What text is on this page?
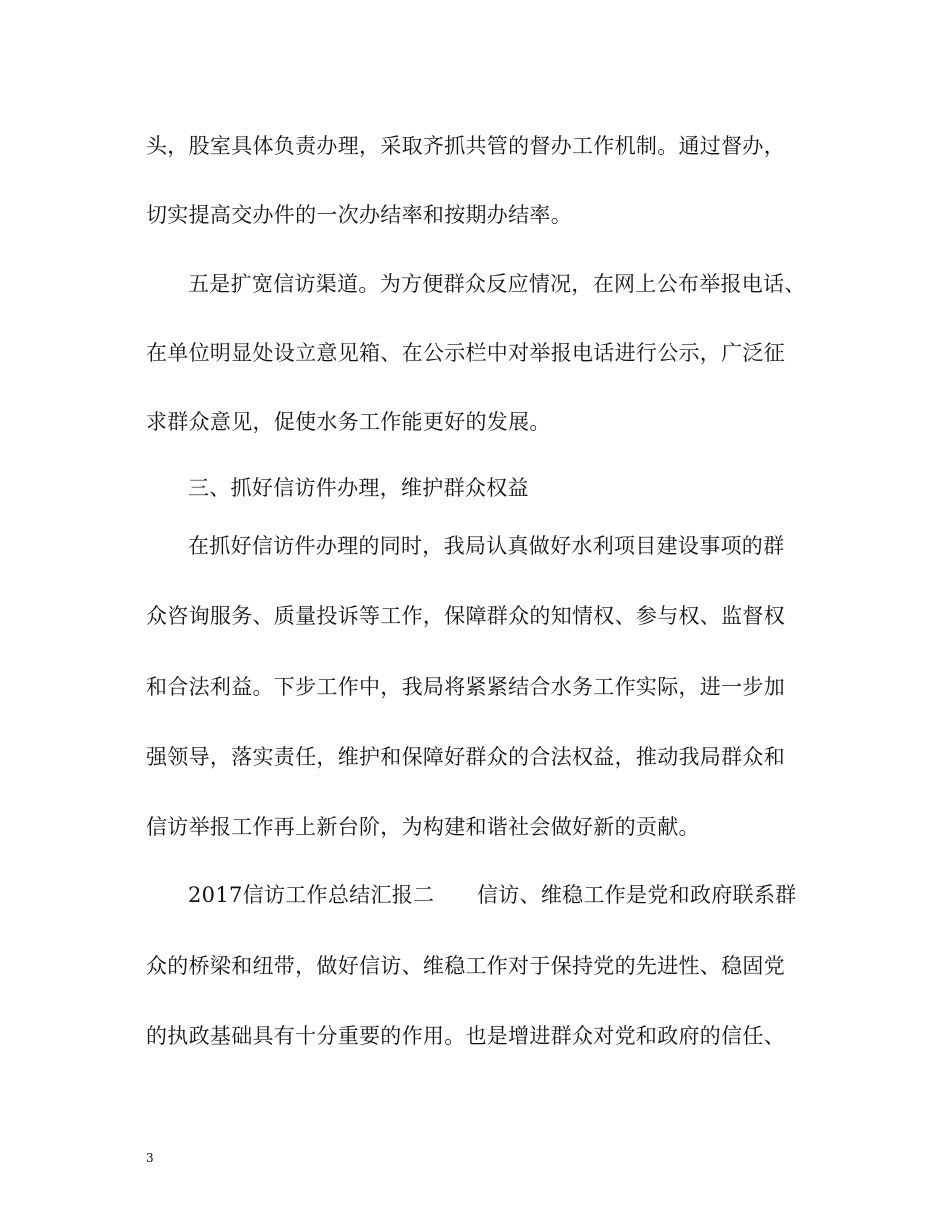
头，股室具体负责办理，采取齐抓共管的督办工作机制。通过督办，
切实提高交办件的一次办结率和按期办结率。
五是扩宽信访渠道。为方便群众反应情况，在网上公布举报电话、
在单位明显处设立意见箱、在公示栏中对举报电话进行公示，广泛征
求群众意见，促使水务工作能更好的发展。
三、抓好信访件办理，维护群众权益
在抓好信访件办理的同时，我局认真做好水利项目建设事项的群
众咨询服务、质量投诉等工作，保障群众的知情权、参与权、监督权
和合法利益。下步工作中，我局将紧紧结合水务工作实际，进一步加
强领导，落实责任，维护和保障好群众的合法权益，推动我局群众和
信访举报工作再上新台阶，为构建和谐社会做好新的贡献。
2017信访工作总结汇报二　　信访、维稳工作是党和政府联系群
众的桥梁和纽带，做好信访、维稳工作对于保持党的先进性、稳固党
的执政基础具有十分重要的作用。也是增进群众对党和政府的信任、
3
